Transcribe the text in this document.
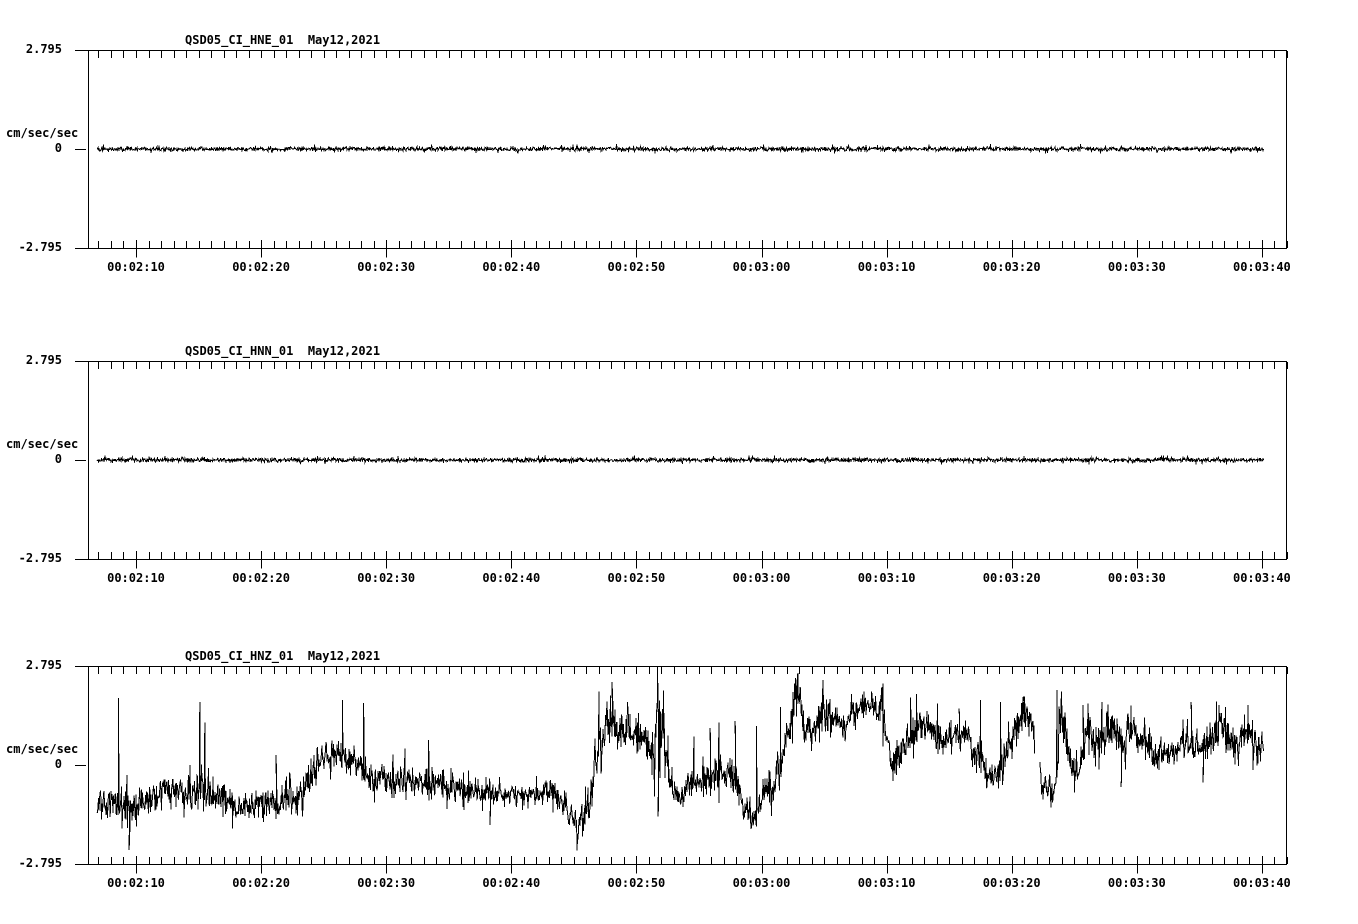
QSD05_CI_HNE_01  May12,2021
2.795
cm/sec/sec
0
-2.795
00:02:10	00:02:20	00:02:30	00:02:40	00:02:50	00:03:00	00:03:10	00:03:20	00:03:30	00:03:40
QSD05_CI_HNN_01  May12,2021
2.795
cm/sec/sec
0
-2.795
00:02:10	00:02:20	00:02:30	00:02:40	00:02:50	00:03:00	00:03:10	00:03:20	00:03:30	00:03:40
QSD05_CI_HNZ_01  May12,2021
2.795
cm/sec/sec
0
-2.795
00:02:10	00:02:20	00:02:30	00:02:40	00:02:50	00:03:00	00:03:10	00:03:20	00:03:30	00:03:40
